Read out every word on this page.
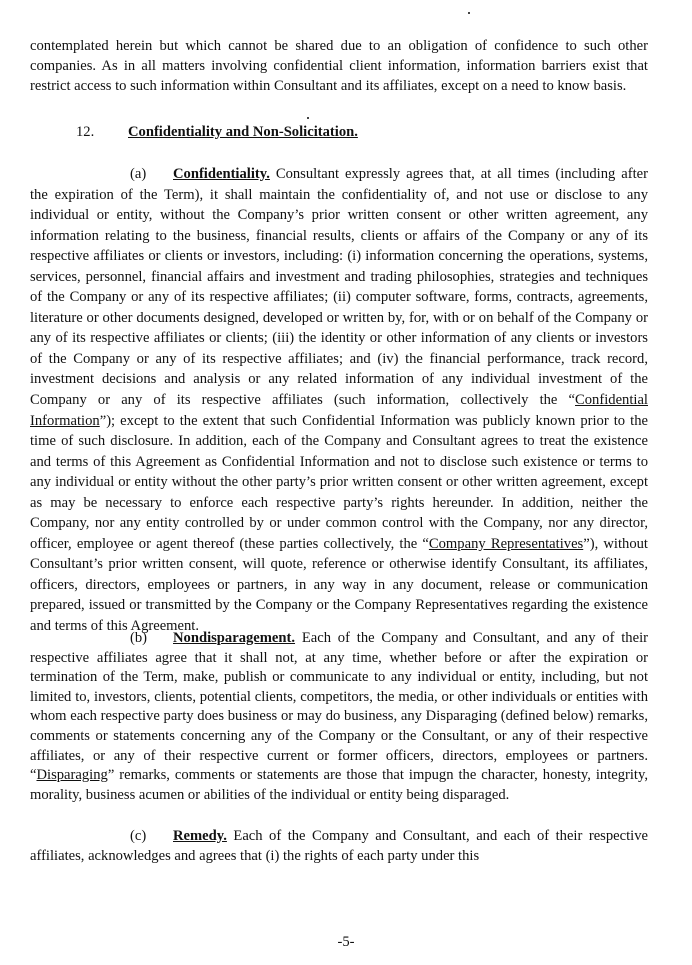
contemplated herein but which cannot be shared due to an obligation of confidence to such other companies. As in all matters involving confidential client information, information barriers exist that restrict access to such information within Consultant and its affiliates, except on a need to know basis.
12. Confidentiality and Non-Solicitation.
(a) Confidentiality. Consultant expressly agrees that, at all times (including after the expiration of the Term), it shall maintain the confidentiality of, and not use or disclose to any individual or entity, without the Company’s prior written consent or other written agreement, any information relating to the business, financial results, clients or affairs of the Company or any of its respective affiliates or clients or investors, including: (i) information concerning the operations, systems, services, personnel, financial affairs and investment and trading philosophies, strategies and techniques of the Company or any of its respective affiliates; (ii) computer software, forms, contracts, agreements, literature or other documents designed, developed or written by, for, with or on behalf of the Company or any of its respective affiliates or clients; (iii) the identity or other information of any clients or investors of the Company or any of its respective affiliates; and (iv) the financial performance, track record, investment decisions and analysis or any related information of any individual investment of the Company or any of its respective affiliates (such information, collectively the “Confidential Information”); except to the extent that such Confidential Information was publicly known prior to the time of such disclosure. In addition, each of the Company and Consultant agrees to treat the existence and terms of this Agreement as Confidential Information and not to disclose such existence or terms to any individual or entity without the other party’s prior written consent or other written agreement, except as may be necessary to enforce each respective party’s rights hereunder. In addition, neither the Company, nor any entity controlled by or under common control with the Company, nor any director, officer, employee or agent thereof (these parties collectively, the “Company Representatives”), without Consultant’s prior written consent, will quote, reference or otherwise identify Consultant, its affiliates, officers, directors, employees or partners, in any way in any document, release or communication prepared, issued or transmitted by the Company or the Company Representatives regarding the existence and terms of this Agreement.
(b) Nondisparagement. Each of the Company and Consultant, and any of their respective affiliates agree that it shall not, at any time, whether before or after the expiration or termination of the Term, make, publish or communicate to any individual or entity, including, but not limited to, investors, clients, potential clients, competitors, the media, or other individuals or entities with whom each respective party does business or may do business, any Disparaging (defined below) remarks, comments or statements concerning any of the Company or the Consultant, or any of their respective affiliates, or any of their respective current or former officers, directors, employees or partners. “Disparaging” remarks, comments or statements are those that impugn the character, honesty, integrity, morality, business acumen or abilities of the individual or entity being disparaged.
(c) Remedy. Each of the Company and Consultant, and each of their respective affiliates, acknowledges and agrees that (i) the rights of each party under this
-5-
